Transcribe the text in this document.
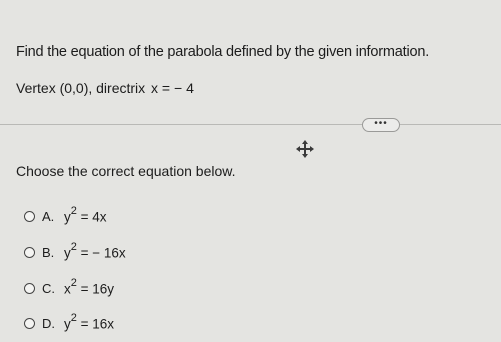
Find the equation of the parabola defined by the given information.
Vertex (0,0), directrix x = − 4
•••
Choose the correct equation below.
A. $y^2 = 4x$
B. $y^2$ = − 16x
C. $x^2 = 16y$
D. $y^2 = 16x$
